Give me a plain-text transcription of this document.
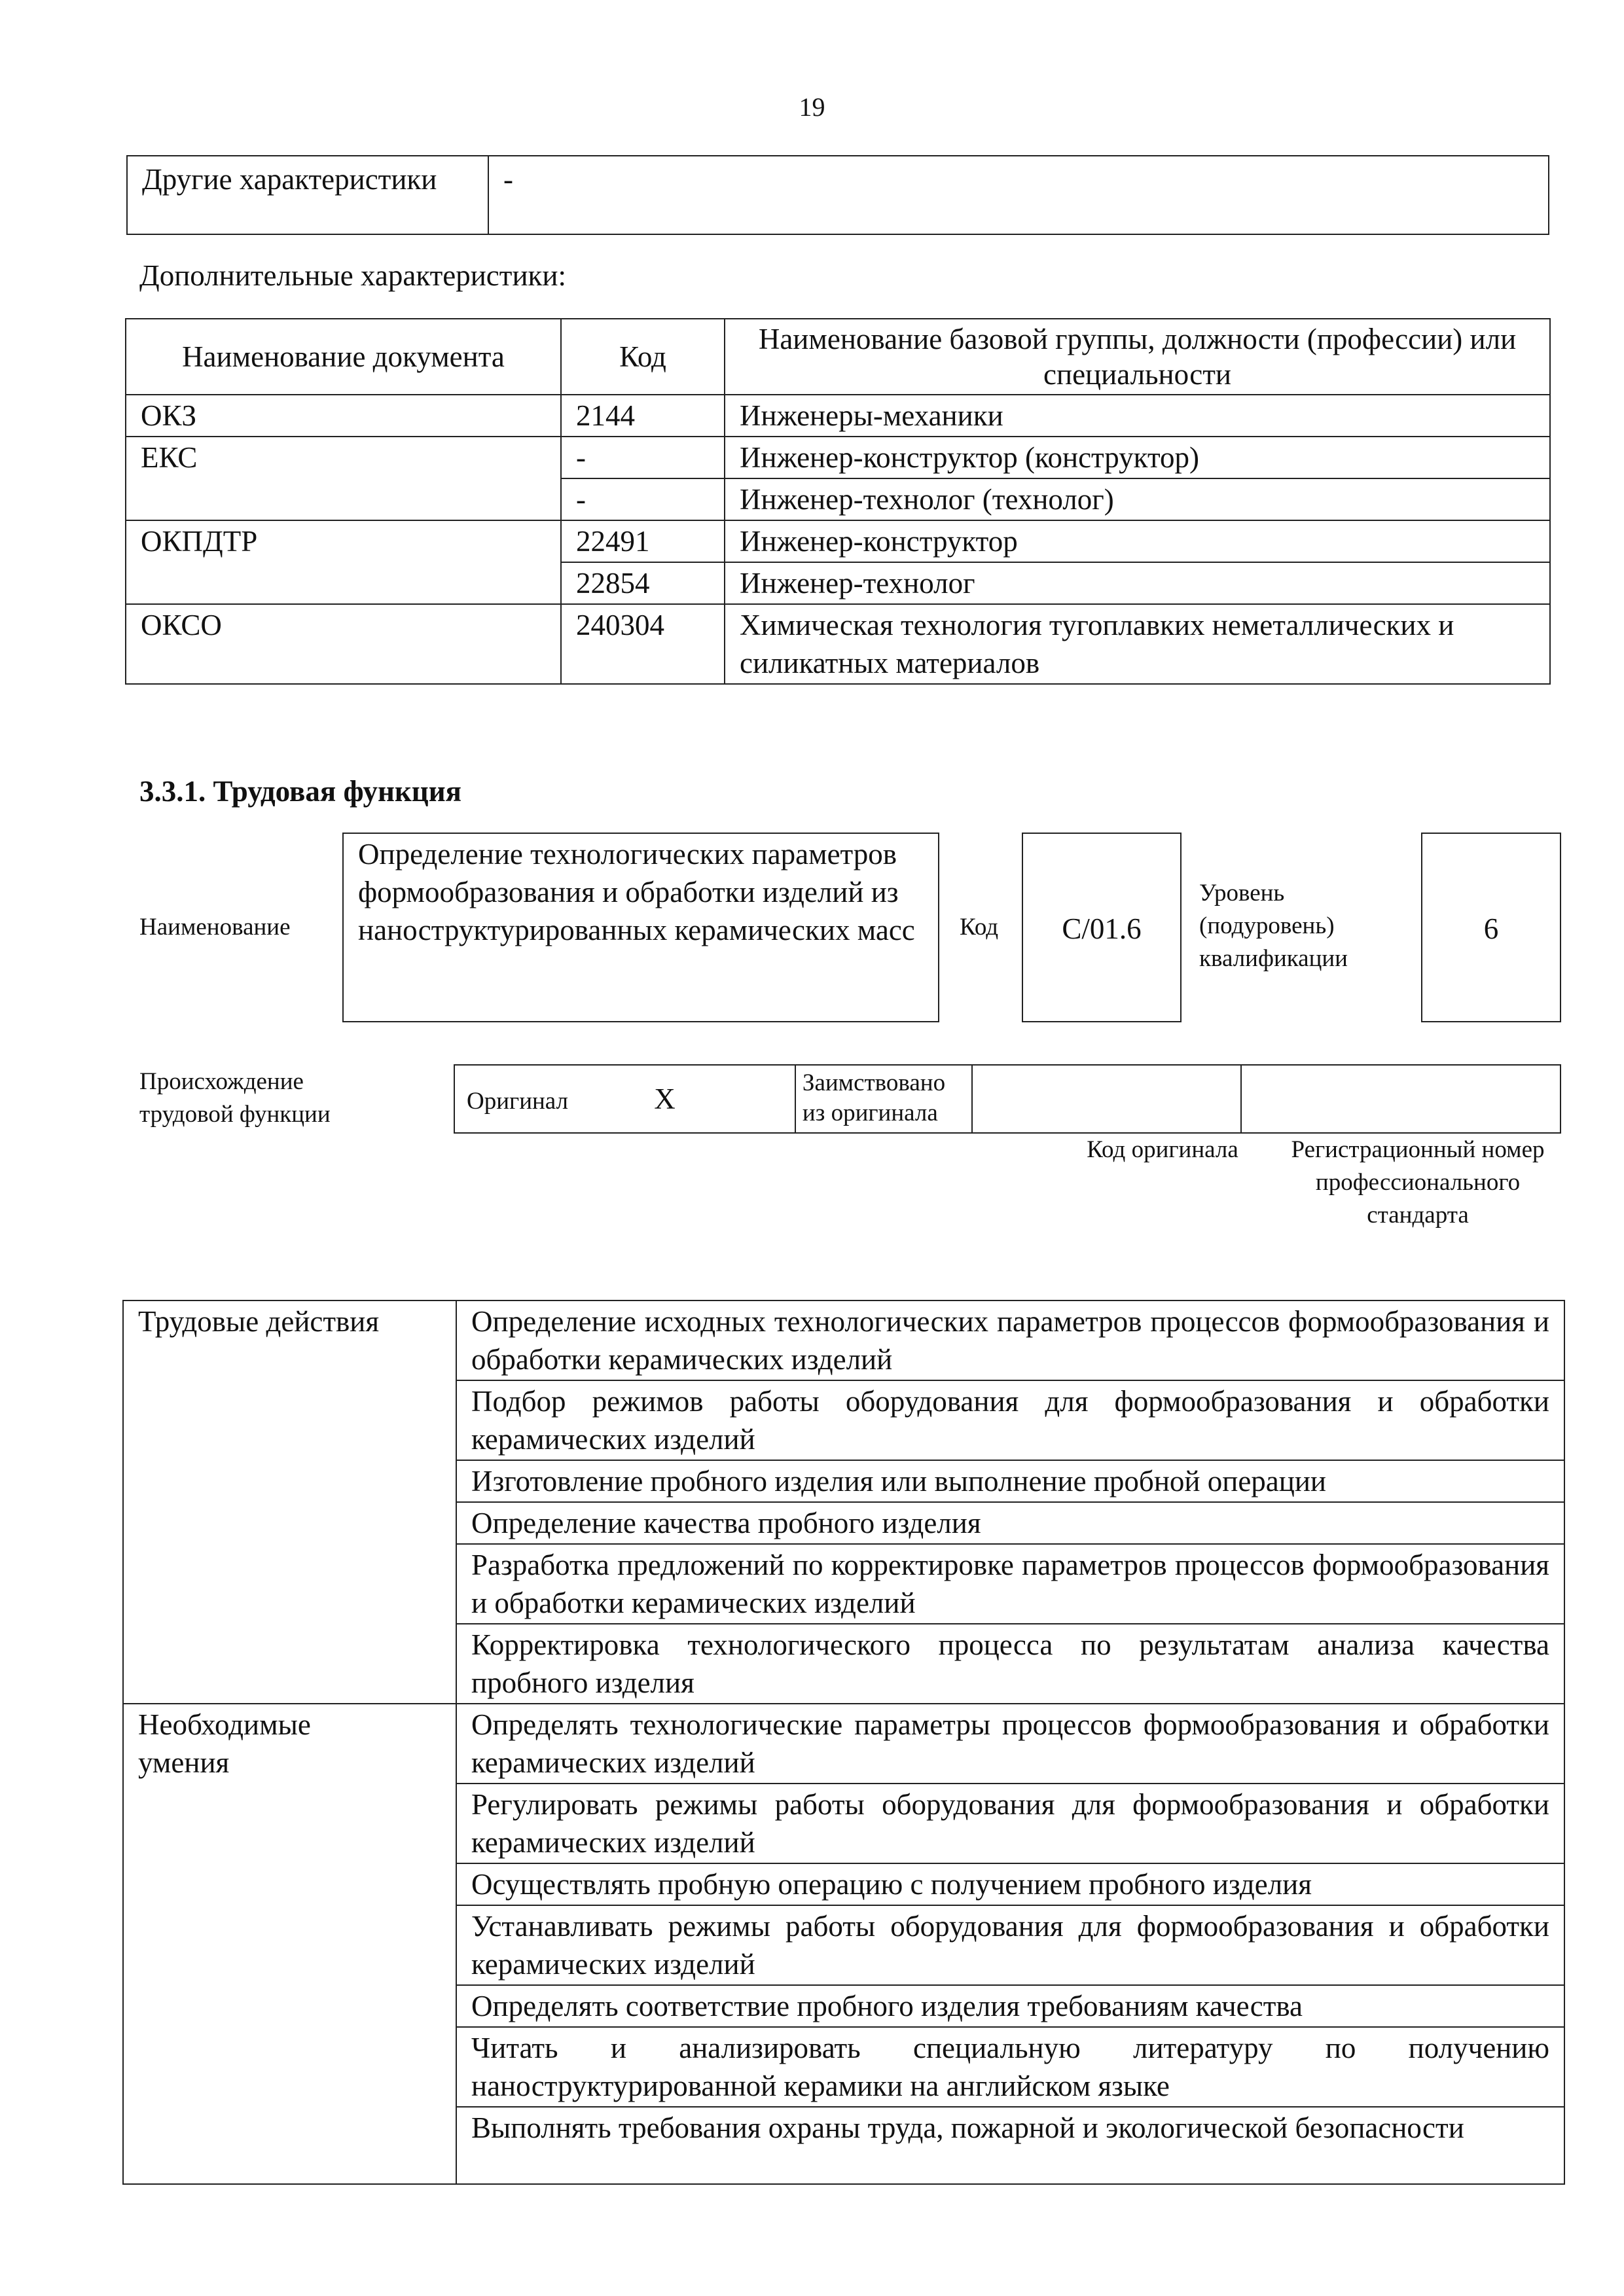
19
Другие характеристики	-
Дополнительные характеристики:
Наименование документа	Код	Наименование базовой группы, должности (профессии) или специальности
ОКЗ	2144	Инженеры-механики
ЕКС	-	Инженер-конструктор (конструктор)
	-	Инженер-технолог (технолог)
ОКПДТР	22491	Инженер-конструктор
	22854	Инженер-технолог
ОКСО	240304	Химическая технология тугоплавких неметаллических и силикатных материалов
3.3.1. Трудовая функция
Наименование
Определение технологических параметров формообразования и обработки изделий из наноструктурированных керамических масс	Код	С/01.6
Уровень (подуровень) квалификации
6
Происхождение трудовой функции	Оригинал	X	Заимствовано из оригинала		
Код оригинала	Регистрационный номер профессионального стандарта
Трудовые действия	Определение исходных технологических параметров процессов формообразования и обработки керамических изделий
	Подбор режимов работы оборудования для формообразования и обработки керамических изделий
	Изготовление пробного изделия или выполнение пробной операции
	Определение качества пробного изделия
	Разработка предложений по корректировке параметров процессов формообразования и обработки керамических изделий
	Корректировка технологического процесса по результатам анализа качества пробного изделия
Необходимые умения	Определять технологические параметры процессов формообразования и обработки керамических изделий
	Регулировать режимы работы оборудования для формообразования и обработки керамических изделий
	Осуществлять пробную операцию с получением пробного изделия
	Устанавливать режимы работы оборудования для формообразования и обработки керамических изделий
	Определять соответствие пробного изделия требованиям качества
	Читать и анализировать специальную литературу по получению наноструктурированной керамики на английском языке
	Выполнять требования охраны труда, пожарной и экологической безопасности
